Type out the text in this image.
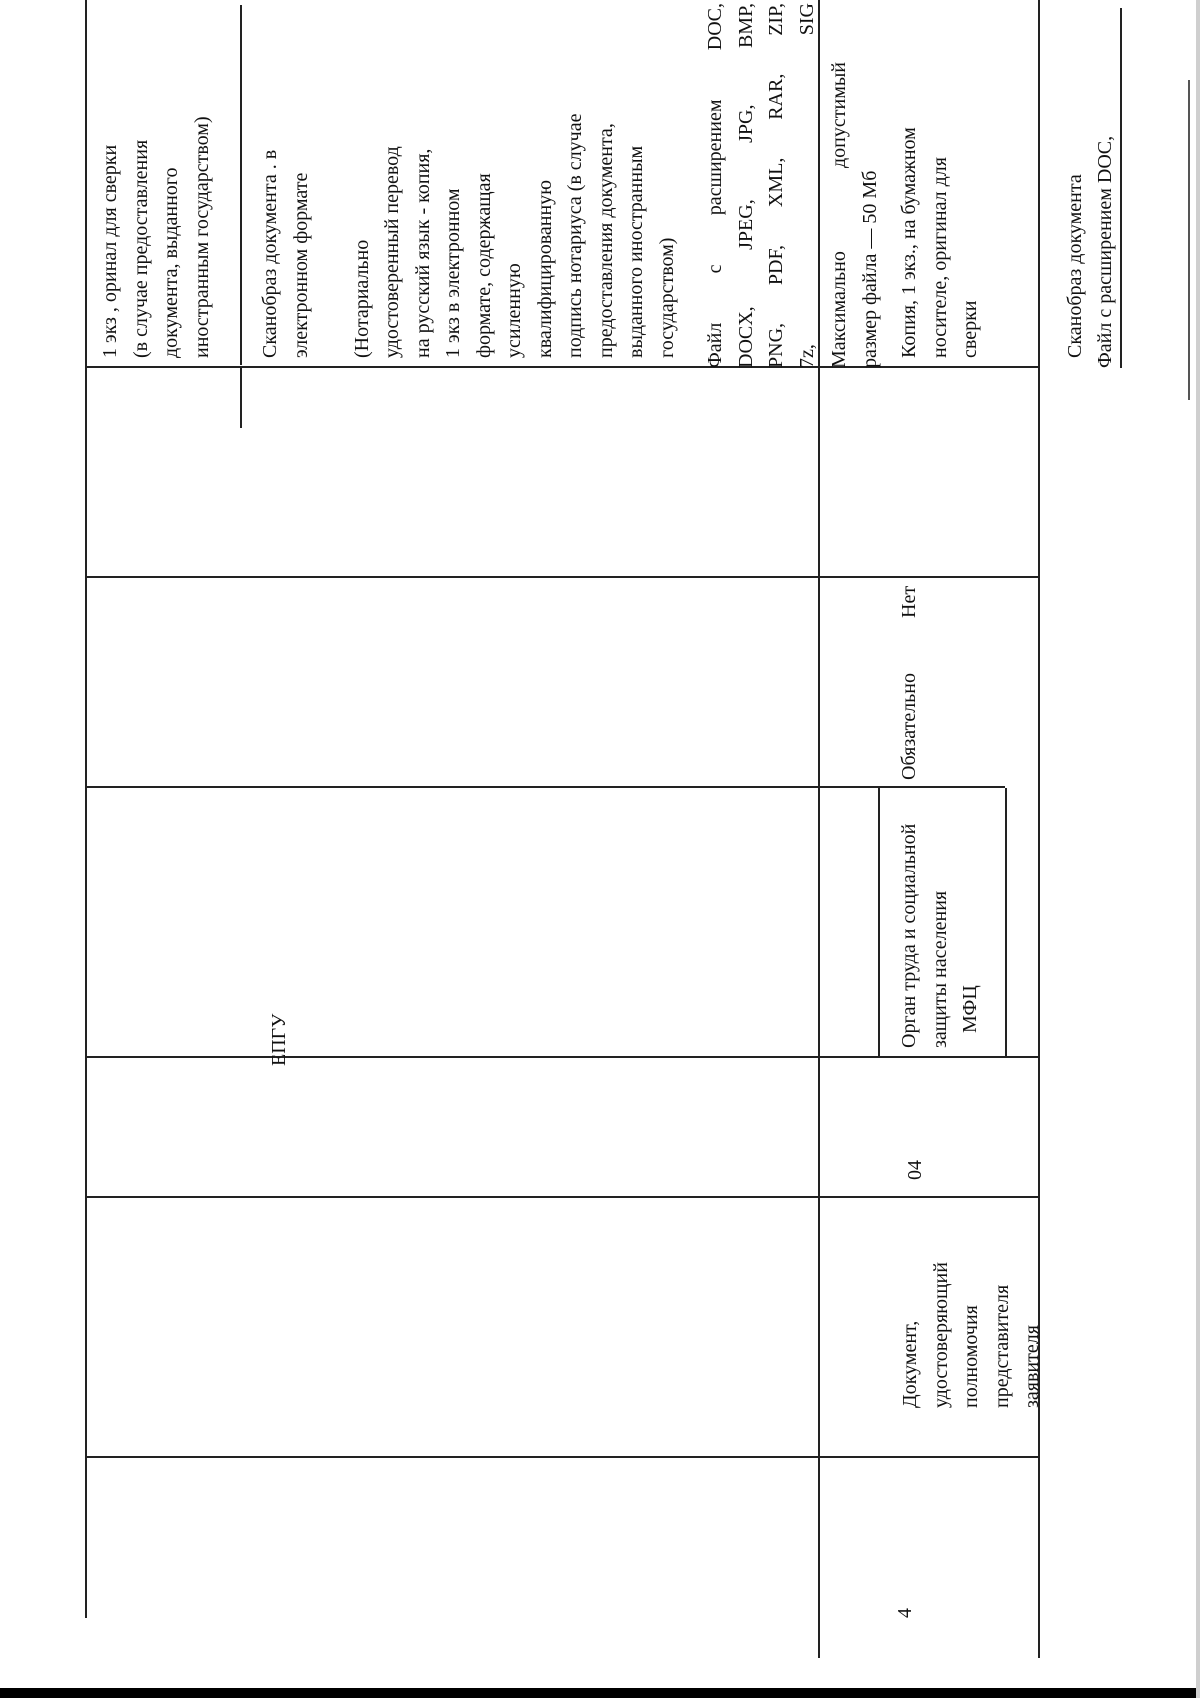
4
Документ,
удостоверяющий
полномочия
представителя
заявителя
04
ЕПГУ	Орган труда и социальной
защиты населения
МФЦ
Обязательно
Нет
1 экз , оринал для сверки
(в случае предоставления
документа, выданного
иностранным государством)
Сканобраз документа . в
электронном формате

(Нотариально
удостоверенный перевод
на русский язык - копия,
1 экз в электронном
формате, содержащая
усиленную
квалифицированную
подпись нотариуса (в случае
предоставления документа,
выданного иностранным
государством) Файл с расширением DOC,
DOCX, JPEG, JPG, BMP,
PNG, PDF, XML, RAR, ZIP,
7z, SIG
Максимально
допустимый
размер файла — 50 Мб Копия, 1 экз., на бумажном
носителе, оригинал для
сверки	Сканобраз документа Файл с расширением DOC,
